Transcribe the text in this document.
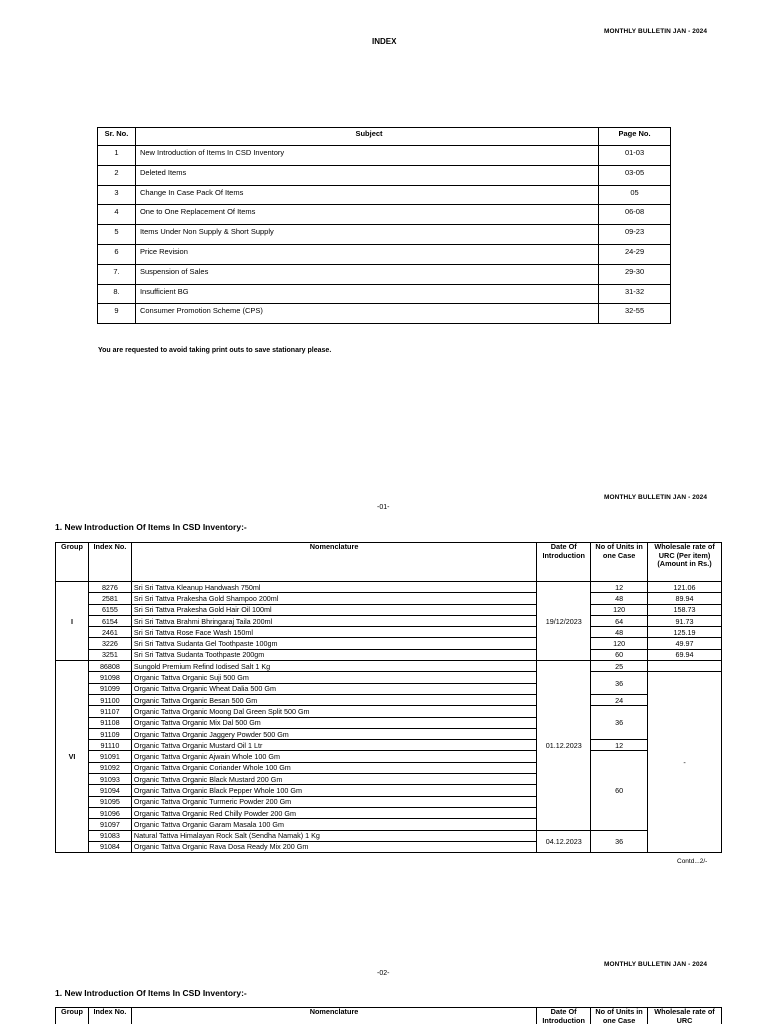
MONTHLY BULLETIN JAN - 2024
INDEX
Sr. No.	Subject	Page No.
1	New Introduction of Items In CSD Inventory	01-03
2	Deleted Items	03-05
3	Change In Case Pack Of Items	05
4	One to One Replacement Of Items	06-08
5	Items Under Non Supply & Short Supply	09-23
6	Price Revision	24-29
7.	Suspension of Sales	29-30
8.	Insufficient BG	31-32
9	Consumer Promotion Scheme (CPS)	32-55
You are requested to avoid taking print outs to save stationary please.
-01-
MONTHLY BULLETIN JAN - 2024
1. New Introduction Of Items In CSD Inventory:-
Group	Index No.	Nomenclature	Date Of Introduction	No of Units in one Case	Wholesale rate of URC (Per item) (Amount in Rs.)
I	8276	Sri Sri Tattva Kleanup Handwash 750ml	19/12/2023	12	121.06
	2581	Sri Sri Tattva Prakesha Gold Shampoo 200ml		48	89.94
	6155	Sri Sri Tattva Prakesha Gold Hair Oil 100ml		120	158.73
	6154	Sri Sri Tattva Brahmi Bhringaraj Taila 200ml		64	91.73
	2461	Sri Sri Tattva Rose Face Wash 150ml		48	125.19
	3226	Sri Sri Tattva Sudanta Gel Toothpaste 100gm		120	49.97
	3251	Sri Sri Tattva Sudanta Toothpaste 200gm		60	69.94
VI	86808	Sungold Premium Refind Iodised Salt 1 Kg	01.12.2023	25	
	91098	Organic Tattva Organic Suji 500 Gm		36	-
	91099	Organic Tattva Organic Wheat Dalia 500 Gm			
	91100	Organic Tattva Organic Besan 500 Gm		24	
	91107	Organic Tattva Organic Moong Dal Green Split 500 Gm		36	
	91108	Organic Tattva Organic Mix Dal 500 Gm			
	91109	Organic Tattva Organic Jaggery Powder 500 Gm			
	91110	Organic Tattva Organic Mustard Oil 1 Ltr		12	
	91091	Organic Tattva Organic Ajwain Whole 100 Gm		60	
	91092	Organic Tattva Organic Coriander Whole 100 Gm			
	91093	Organic Tattva Organic Black Mustard 200 Gm			
	91094	Organic Tattva Organic Black Pepper Whole 100 Gm			
	91095	Organic Tattva Organic Turmeric Powder 200 Gm			
	91096	Organic Tattva Organic Red Chilly Powder 200 Gm			
	91097	Organic Tattva Organic Garam Masala 100 Gm			
	91083	Natural Tattva Himalayan Rock Salt (Sendha Namak) 1 Kg	04.12.2023	36	
	91084	Organic Tattva Organic Rava Dosa Ready Mix 200 Gm			
Contd...2/-
MONTHLY BULLETIN JAN - 2024
-02-
1. New Introduction Of Items In CSD Inventory:-
Group	Index No.	Nomenclature	Date Of Introduction	No of Units in one Case	Wholesale rate of URC
